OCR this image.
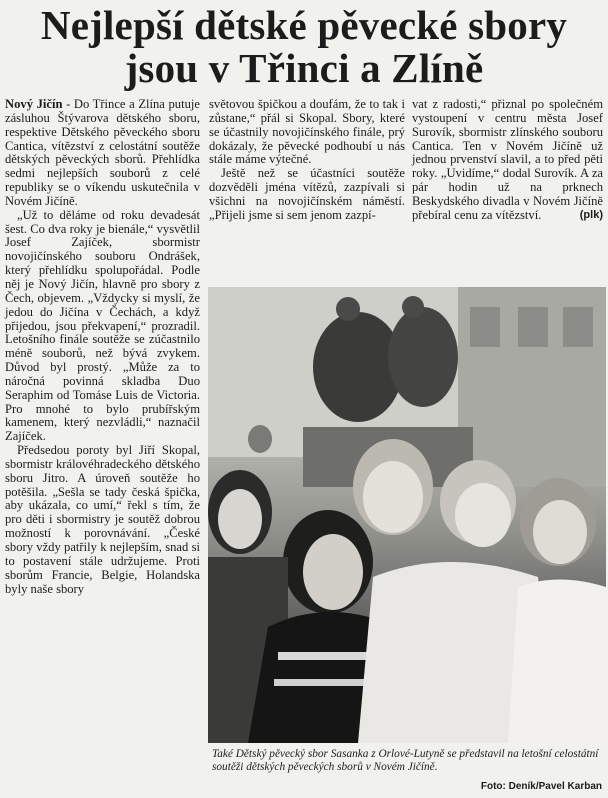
Nejlepší dětské pěvecké sbory jsou v Třinci a Zlíně

Nový Jičín - Do Třince a Zlína putuje zásluhou Štývarova dětského sboru, respektive Dětského pěveckého sboru Cantica, vítězství z celostátní soutěže dětských pěveckých sborů. Přehlídka sedmi nejlepších souborů z celé republiky se o víkendu uskutečnila v Novém Jičíně.

„Už to děláme od roku devadesát šest. Co dva roky je bienále,“ vysvětlil Josef Zajíček, sbormistr novojičínského souboru Ondrášek, který přehlídku spolupořádal. Podle něj je Nový Jičín, hlavně pro sbory z Čech, objevem. „Vždycky si myslí, že jedou do Jičína v Čechách, a když přijedou, jsou překvapení,“ prozradil. Letošního finále soutěže se zúčastnilo méně souborů, než bývá zvykem. Důvod byl prostý. „Může za to náročná povinná skladba Duo Seraphim od Tomáse Luis de Victoria. Pro mnohé to bylo prubířským kamenem, který nezvládli,“ naznačil Zajíček.

Předsedou poroty byl Jiří Skopal, sbormistr královéhradeckého dětského sboru Jitro. A úroveň soutěže ho potěšila. „Sešla se tady česká špička, aby ukázala, co umí,“ řekl s tím, že pro děti i sbormistry je soutěž dobrou možností k porovnávání. „České sbory vždy patřily k nejlepším, snad si to postavení stále udržujeme. Proti sborům Francie, Belgie, Holandska byly naše sbory

světovou špičkou a doufám, že to tak i zůstane,“ přál si Skopal. Sbory, které se účastnily novojičínského finále, prý dokázaly, že pěvecké podhoubí u nás stále máme výtečné.

Ještě než se účastníci soutěže dozvěděli jména vítězů, zazpívali si všichni na novojičínském náměstí. „Přijeli jsme si sem jenom zazpí-

vat z radosti,“ přiznal po společném vystoupení v centru města Josef Surovík, sbormistr zlínského souboru Cantica. Ten v Novém Jičíně už jednou prvenství slavil, a to před pěti roky. „Uvidíme,“ dodal Surovík. A za pár hodin už na prknech Beskydského divadla v Novém Jičíně přebíral cenu za vítězství.	(plk)

Také Dětský pěvecký sbor Sasanka z Orlové-Lutyně se představil na letošní celostátní soutěži dětských pěveckých sborů v Novém Jičíně.
Foto: Deník/Pavel Karban
